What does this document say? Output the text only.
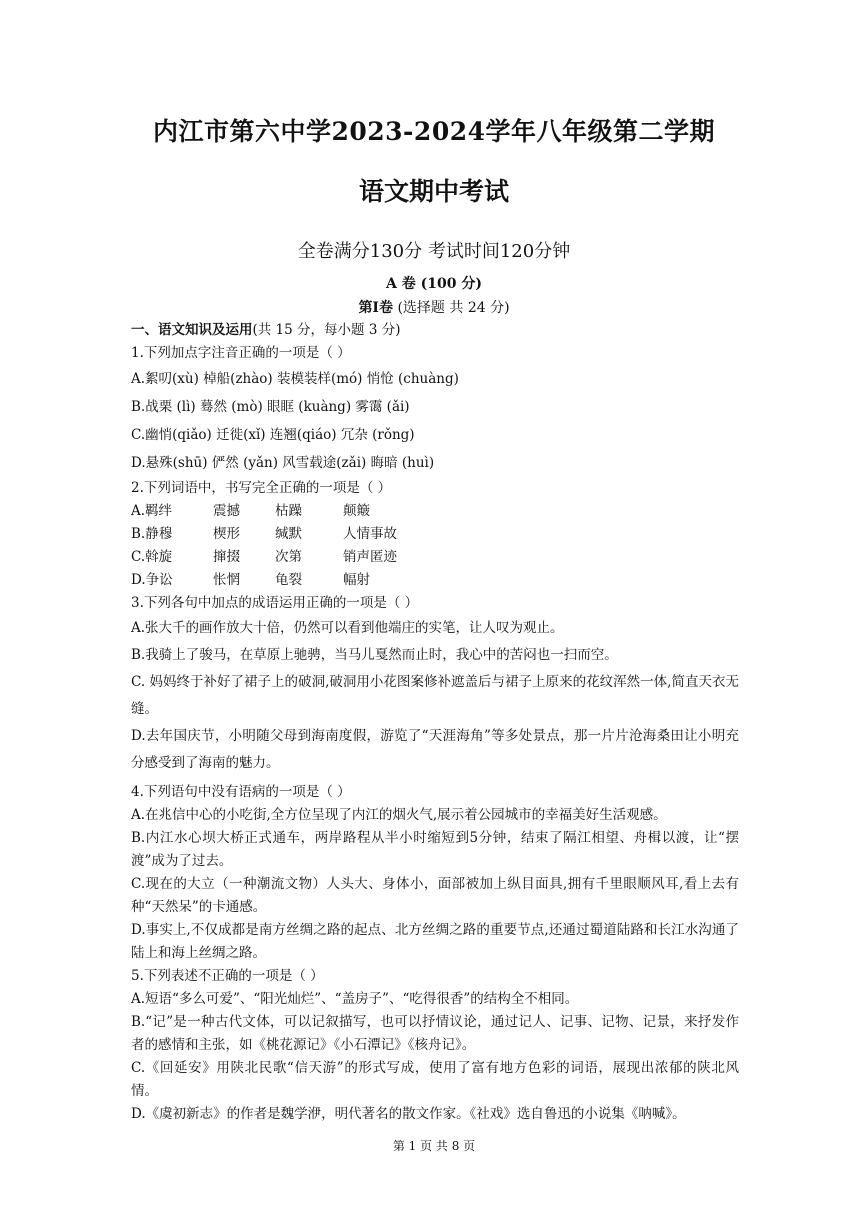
内江市第六中学2023-2024学年八年级第二学期
语文期中考试
全卷满分130分 考试时间120分钟
A 卷 (100 分)
第Ⅰ卷 (选择题 共 24 分)
一、语文知识及运用(共 15 分，每小题 3 分)
1.下列加点字注音正确的一项是（ ）
A.絮叨(xù) 棹船(zhào) 装模装样(mó) 悄怆 (chuàng)
B.战栗 (lì) 蓦然 (mò) 眼眶 (kuàng) 雾霭 (ǎi)
C.幽悄(qiǎo) 迁徙(xǐ) 连翘(qiáo) 冗杂 (rǒng)
D.悬殊(shū) 俨然 (yǎn) 风雪载途(zǎi) 晦暗 (huì)
2.下列词语中，书写完全正确的一项是（ ）
A.羁绊	震撼	枯躁	颠簸
B.静穆	楔形	缄默	人情事故
C.斡旋	撺掇	次第	销声匿迹
D.争讼	怅惘	龟裂	幅射
3.下列各句中加点的成语运用正确的一项是（ ）
A.张大千的画作放大十倍，仍然可以看到他端庄的实笔，让人叹为观止。
B.我骑上了骏马，在草原上驰骋，当马儿戛然而止时，我心中的苦闷也一扫而空。
C. 妈妈终于补好了裙子上的破洞,破洞用小花图案修补遮盖后与裙子上原来的花纹浑然一体,简直天衣无缝。
D.去年国庆节，小明随父母到海南度假，游览了“天涯海角”等多处景点，那一片片沧海桑田让小明充分感受到了海南的魅力。
4.下列语句中没有语病的一项是（ ）
A.在兆信中心的小吃街,全方位呈现了内江的烟火气,展示着公园城市的幸福美好生活观感。
B.内江水心坝大桥正式通车，两岸路程从半小时缩短到5分钟，结束了隔江相望、舟楫以渡，让“摆渡”成为了过去。
C.现在的大立（一种潮流文物）人头大、身体小，面部被加上纵目面具,拥有千里眼顺风耳,看上去有种“天然呆”的卡通感。
D.事实上,不仅成都是南方丝绸之路的起点、北方丝绸之路的重要节点,还通过蜀道陆路和长江水沟通了陆上和海上丝绸之路。
5.下列表述不正确的一项是（ ）
A.短语“多么可爱”、“阳光灿烂”、“盖房子”、“吃得很香”的结构全不相同。
B.“记”是一种古代文体，可以记叙描写，也可以抒情议论，通过记人、记事、记物、记景，来抒发作者的感情和主张，如《桃花源记》《小石潭记》《核舟记》。
C.《回延安》用陕北民歌“信天游”的形式写成，使用了富有地方色彩的词语，展现出浓郁的陕北风情。
D.《虞初新志》的作者是魏学洢，明代著名的散文作家。《社戏》选自鲁迅的小说集《呐喊》。
第 1 页 共 8 页
